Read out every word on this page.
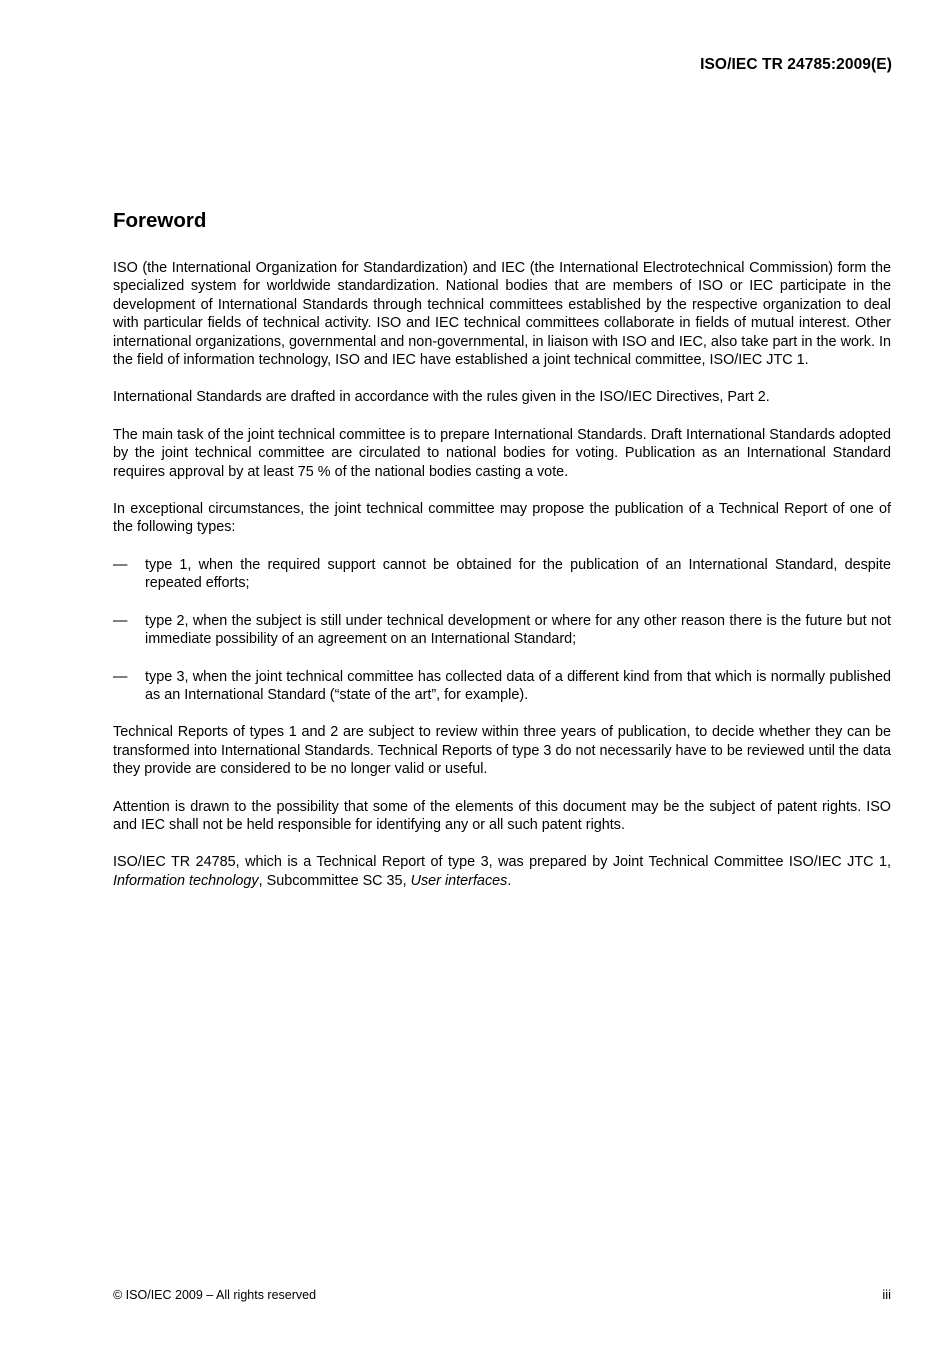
ISO/IEC TR 24785:2009(E)
Foreword

ISO (the International Organization for Standardization) and IEC (the International Electrotechnical Commission) form the specialized system for worldwide standardization. National bodies that are members of ISO or IEC participate in the development of International Standards through technical committees established by the respective organization to deal with particular fields of technical activity. ISO and IEC technical committees collaborate in fields of mutual interest. Other international organizations, governmental and non-governmental, in liaison with ISO and IEC, also take part in the work. In the field of information technology, ISO and IEC have established a joint technical committee, ISO/IEC JTC 1.

International Standards are drafted in accordance with the rules given in the ISO/IEC Directives, Part 2.

The main task of the joint technical committee is to prepare International Standards. Draft International Standards adopted by the joint technical committee are circulated to national bodies for voting. Publication as an International Standard requires approval by at least 75 % of the national bodies casting a vote.

In exceptional circumstances, the joint technical committee may propose the publication of a Technical Report of one of the following types:

— type 1, when the required support cannot be obtained for the publication of an International Standard, despite repeated efforts;
— type 2, when the subject is still under technical development or where for any other reason there is the future but not immediate possibility of an agreement on an International Standard;
— type 3, when the joint technical committee has collected data of a different kind from that which is normally published as an International Standard (“state of the art”, for example).

Technical Reports of types 1 and 2 are subject to review within three years of publication, to decide whether they can be transformed into International Standards. Technical Reports of type 3 do not necessarily have to be reviewed until the data they provide are considered to be no longer valid or useful.

Attention is drawn to the possibility that some of the elements of this document may be the subject of patent rights. ISO and IEC shall not be held responsible for identifying any or all such patent rights.

ISO/IEC TR 24785, which is a Technical Report of type 3, was prepared by Joint Technical Committee ISO/IEC JTC 1, Information technology, Subcommittee SC 35, User interfaces.

© ISO/IEC 2009 – All rights reserved	iii
